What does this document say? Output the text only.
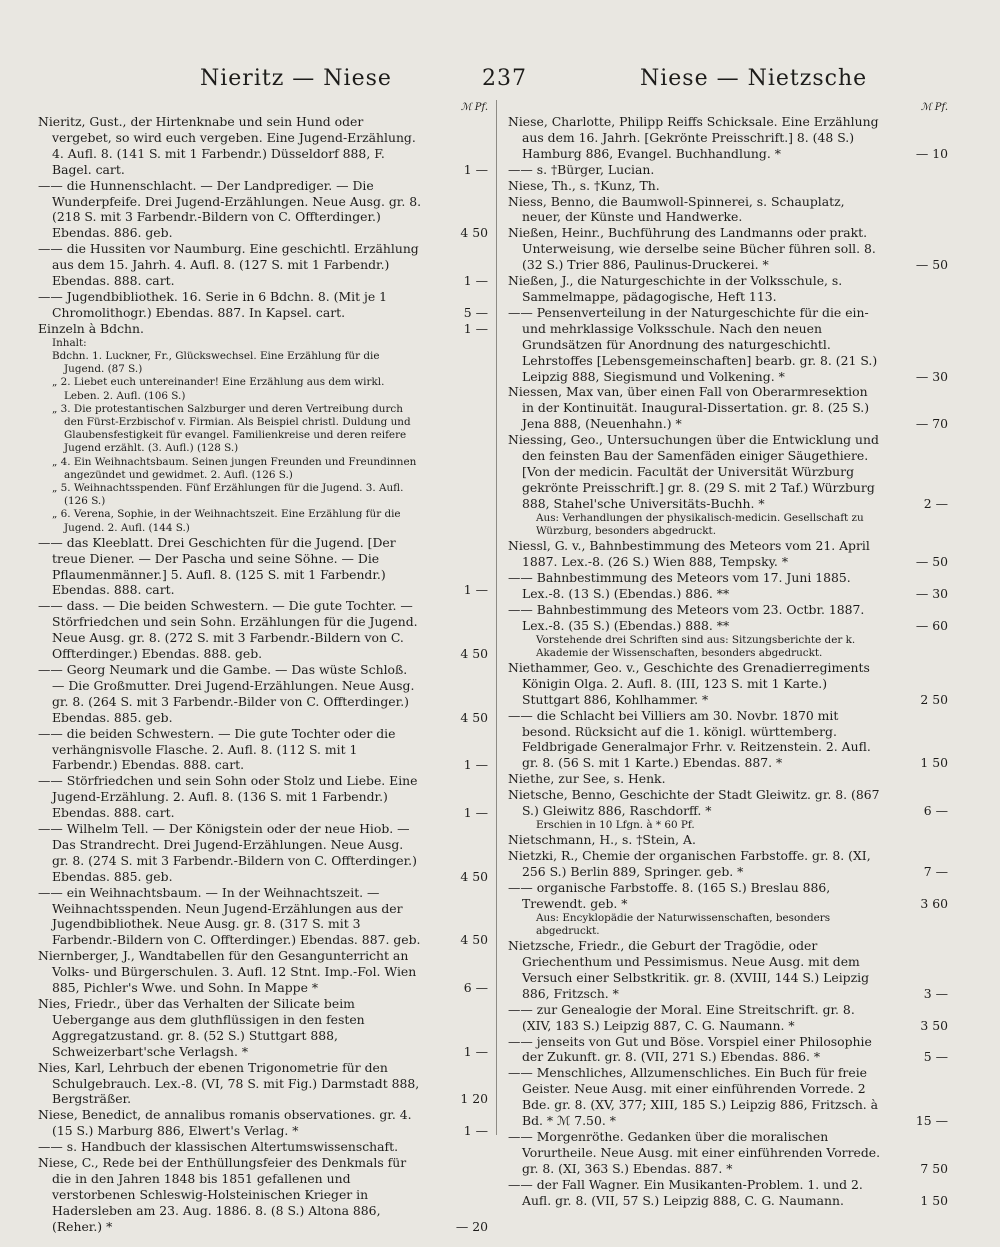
Nieritz — Niese	237	Niese — Nietzsche
ℳ Pf.

Nieritz, Gust., der Hirtenknabe und sein Hund oder vergebet, so wird euch vergeben. Eine Jugend-Erzählung. 4. Aufl. 8. (141 S. mit 1 Farbendr.) Düsseldorf 888, F. Bagel. cart.	1 —

—— die Hunnenschlacht. — Der Landprediger. — Die Wunderpfeife. Drei Jugend-Erzählungen. Neue Ausg. gr. 8. (218 S. mit 3 Farbendr.-Bildern von C. Offterdinger.) Ebendas. 886. geb.	4 50

—— die Hussiten vor Naumburg. Eine geschichtl. Erzählung aus dem 15. Jahrh. 4. Aufl. 8. (127 S. mit 1 Farbendr.) Ebendas. 888. cart.	1 —

—— Jugendbibliothek. 16. Serie in 6 Bdchn. 8. (Mit je 1 Chromolithogr.) Ebendas. 887. In Kapsel. cart.	5 —

Einzeln à Bdchn.	1 —

Inhalt:

Bdchn. 1. Luckner, Fr., Glückswechsel. Eine Erzählung für die Jugend. (87 S.)

„ 2. Liebet euch untereinander! Eine Erzählung aus dem wirkl. Leben. 2. Aufl. (106 S.)

„ 3. Die protestantischen Salzburger und deren Vertreibung durch den Fürst-Erzbischof v. Firmian. Als Beispiel christl. Duldung und Glaubensfestigkeit für evangel. Familienkreise und deren reifere Jugend erzählt. (3. Aufl.) (128 S.)

„ 4. Ein Weihnachtsbaum. Seinen jungen Freunden und Freundinnen angezündet und gewidmet. 2. Aufl. (126 S.)

„ 5. Weihnachtsspenden. Fünf Erzählungen für die Jugend. 3. Aufl. (126 S.)

„ 6. Verena, Sophie, in der Weihnachtszeit. Eine Erzählung für die Jugend. 2. Aufl. (144 S.)

—— das Kleeblatt. Drei Geschichten für die Jugend. [Der treue Diener. — Der Pascha und seine Söhne. — Die Pflaumenmänner.] 5. Aufl. 8. (125 S. mit 1 Farbendr.) Ebendas. 888. cart.	1 —

—— dass. — Die beiden Schwestern. — Die gute Tochter. — Störfriedchen und sein Sohn. Erzählungen für die Jugend. Neue Ausg. gr. 8. (272 S. mit 3 Farbendr.-Bildern von C. Offterdinger.) Ebendas. 888. geb.	4 50

—— Georg Neumark und die Gambe. — Das wüste Schloß. — Die Großmutter. Drei Jugend-Erzählungen. Neue Ausg. gr. 8. (264 S. mit 3 Farbendr.-Bilder von C. Offterdinger.) Ebendas. 885. geb.	4 50

—— die beiden Schwestern. — Die gute Tochter oder die verhängnisvolle Flasche. 2. Aufl. 8. (112 S. mit 1 Farbendr.) Ebendas. 888. cart.	1 —

—— Störfriedchen und sein Sohn oder Stolz und Liebe. Eine Jugend-Erzählung. 2. Aufl. 8. (136 S. mit 1 Farbendr.) Ebendas. 888. cart.	1 —

—— Wilhelm Tell. — Der Königstein oder der neue Hiob. — Das Strandrecht. Drei Jugend-Erzählungen. Neue Ausg. gr. 8. (274 S. mit 3 Farbendr.-Bildern von C. Offterdinger.) Ebendas. 885. geb.	4 50

—— ein Weihnachtsbaum. — In der Weihnachtszeit. — Weihnachtsspenden. Neun Jugend-Erzählungen aus der Jugendbibliothek. Neue Ausg. gr. 8. (317 S. mit 3 Farbendr.-Bildern von C. Offterdinger.) Ebendas. 887. geb.	4 50

Niernberger, J., Wandtabellen für den Gesangunterricht an Volks- und Bürgerschulen. 3. Aufl. 12 Stnt. Imp.-Fol. Wien 885, Pichler's Wwe. und Sohn. In Mappe *	6 —

Nies, Friedr., über das Verhalten der Silicate beim Uebergange aus dem gluthflüssigen in den festen Aggregatzustand. gr. 8. (52 S.) Stuttgart 888, Schweizerbart'sche Verlagsh. *	1 —

Nies, Karl, Lehrbuch der ebenen Trigonometrie für den Schulgebrauch. Lex.-8. (VI, 78 S. mit Fig.) Darmstadt 888, Bergsträßer.	1 20

Niese, Benedict, de annalibus romanis observationes. gr. 4. (15 S.) Marburg 886, Elwert's Verlag. *	1 —

—— s. Handbuch der klassischen Altertumswissenschaft.

Niese, C., Rede bei der Enthüllungsfeier des Denkmals für die in den Jahren 1848 bis 1851 gefallenen und verstorbenen Schleswig-Holsteinischen Krieger in Hadersleben am 23. Aug. 1886. 8. (8 S.) Altona 886, (Reher.) *	— 20

ℳ Pf.

Niese, Charlotte, Philipp Reiffs Schicksale. Eine Erzählung aus dem 16. Jahrh. [Gekrönte Preisschrift.] 8. (48 S.) Hamburg 886, Evangel. Buchhandlung. *	— 10

—— s. †Bürger, Lucian.

Niese, Th., s. †Kunz, Th.

Niess, Benno, die Baumwoll-Spinnerei, s. Schauplatz, neuer, der Künste und Handwerke.

Nießen, Heinr., Buchführung des Landmanns oder prakt. Unterweisung, wie derselbe seine Bücher führen soll. 8. (32 S.) Trier 886, Paulinus-Druckerei. *	— 50

Nießen, J., die Naturgeschichte in der Volksschule, s. Sammelmappe, pädagogische, Heft 113.

—— Pensenverteilung in der Naturgeschichte für die ein- und mehrklassige Volksschule. Nach den neuen Grundsätzen für Anordnung des naturgeschichtl. Lehrstoffes [Lebensgemeinschaften] bearb. gr. 8. (21 S.) Leipzig 888, Siegismund und Volkening. *	— 30

Niessen, Max van, über einen Fall von Oberarmresektion in der Kontinuität. Inaugural-Dissertation. gr. 8. (25 S.) Jena 888, (Neuenhahn.) *	— 70

Niessing, Geo., Untersuchungen über die Entwicklung und den feinsten Bau der Samenfäden einiger Säugethiere. [Von der medicin. Facultät der Universität Würzburg gekrönte Preisschrift.] gr. 8. (29 S. mit 2 Taf.) Würzburg 888, Stahel'sche Universitäts-Buchh. *	2 —

Aus: Verhandlungen der physikalisch-medicin. Gesellschaft zu Würzburg, besonders abgedruckt.

Niessl, G. v., Bahnbestimmung des Meteors vom 21. April 1887. Lex.-8. (26 S.) Wien 888, Tempsky. *	— 50

—— Bahnbestimmung des Meteors vom 17. Juni 1885. Lex.-8. (13 S.) (Ebendas.) 886. **	— 30

—— Bahnbestimmung des Meteors vom 23. Octbr. 1887. Lex.-8. (35 S.) (Ebendas.) 888. **	— 60

Vorstehende drei Schriften sind aus: Sitzungsberichte der k. Akademie der Wissenschaften, besonders abgedruckt.

Niethammer, Geo. v., Geschichte des Grenadierregiments Königin Olga. 2. Aufl. 8. (III, 123 S. mit 1 Karte.) Stuttgart 886, Kohlhammer. *	2 50

—— die Schlacht bei Villiers am 30. Novbr. 1870 mit besond. Rücksicht auf die 1. königl. württemberg. Feldbrigade Generalmajor Frhr. v. Reitzenstein. 2. Aufl. gr. 8. (56 S. mit 1 Karte.) Ebendas. 887. *	1 50

Niethe, zur See, s. Henk.

Nietsche, Benno, Geschichte der Stadt Gleiwitz. gr. 8. (867 S.) Gleiwitz 886, Raschdorff. *	6 —

Erschien in 10 Lfgn. à * 60 Pf.

Nietschmann, H., s. †Stein, A.

Nietzki, R., Chemie der organischen Farbstoffe. gr. 8. (XI, 256 S.) Berlin 889, Springer. geb. *	7 —

—— organische Farbstoffe. 8. (165 S.) Breslau 886, Trewendt. geb. *	3 60

Aus: Encyklopädie der Naturwissenschaften, besonders abgedruckt.

Nietzsche, Friedr., die Geburt der Tragödie, oder Griechenthum und Pessimismus. Neue Ausg. mit dem Versuch einer Selbstkritik. gr. 8. (XVIII, 144 S.) Leipzig 886, Fritzsch. *	3 —

—— zur Genealogie der Moral. Eine Streitschrift. gr. 8. (XIV, 183 S.) Leipzig 887, C. G. Naumann. *	3 50

—— jenseits von Gut und Böse. Vorspiel einer Philosophie der Zukunft. gr. 8. (VII, 271 S.) Ebendas. 886. *	5 —

—— Menschliches, Allzumenschliches. Ein Buch für freie Geister. Neue Ausg. mit einer einführenden Vorrede. 2 Bde. gr. 8. (XV, 377; XIII, 185 S.) Leipzig 886, Fritzsch. à Bd. * ℳ 7.50. *	15 —

—— Morgenröthe. Gedanken über die moralischen Vorurtheile. Neue Ausg. mit einer einführenden Vorrede. gr. 8. (XI, 363 S.) Ebendas. 887. *	7 50

—— der Fall Wagner. Ein Musikanten-Problem. 1. und 2. Aufl. gr. 8. (VII, 57 S.) Leipzig 888, C. G. Naumann.	1 50
